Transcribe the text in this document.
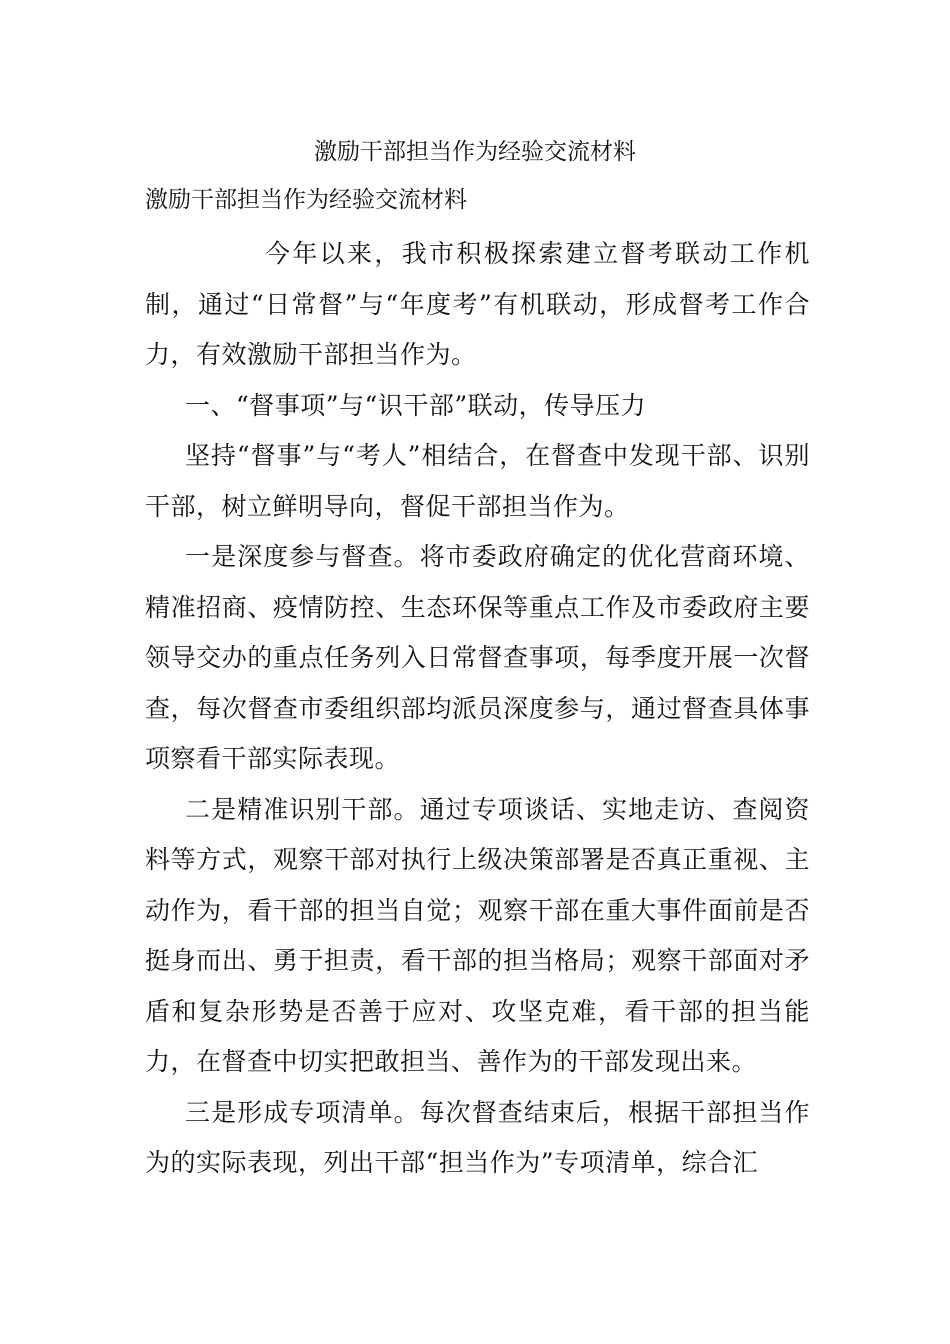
激励干部担当作为经验交流材料
激励干部担当作为经验交流材料

今年以来，我市积极探索建立督考联动工作机制，通过“日常督”与“年度考”有机联动，形成督考工作合力，有效激励干部担当作为。

一、“督事项”与“识干部”联动，传导压力

坚持“督事”与“考人”相结合，在督查中发现干部、识别干部，树立鲜明导向，督促干部担当作为。

一是深度参与督查。将市委政府确定的优化营商环境、精准招商、疫情防控、生态环保等重点工作及市委政府主要领导交办的重点任务列入日常督查事项，每季度开展一次督查，每次督查市委组织部均派员深度参与，通过督查具体事项察看干部实际表现。

二是精准识别干部。通过专项谈话、实地走访、查阅资料等方式，观察干部对执行上级决策部署是否真正重视、主动作为，看干部的担当自觉；观察干部在重大事件面前是否挺身而出、勇于担责，看干部的担当格局；观察干部面对矛盾和复杂形势是否善于应对、攻坚克难，看干部的担当能力，在督查中切实把敢担当、善作为的干部发现出来。

三是形成专项清单。每次督查结束后，根据干部担当作为的实际表现，列出干部“担当作为”专项清单，综合汇
